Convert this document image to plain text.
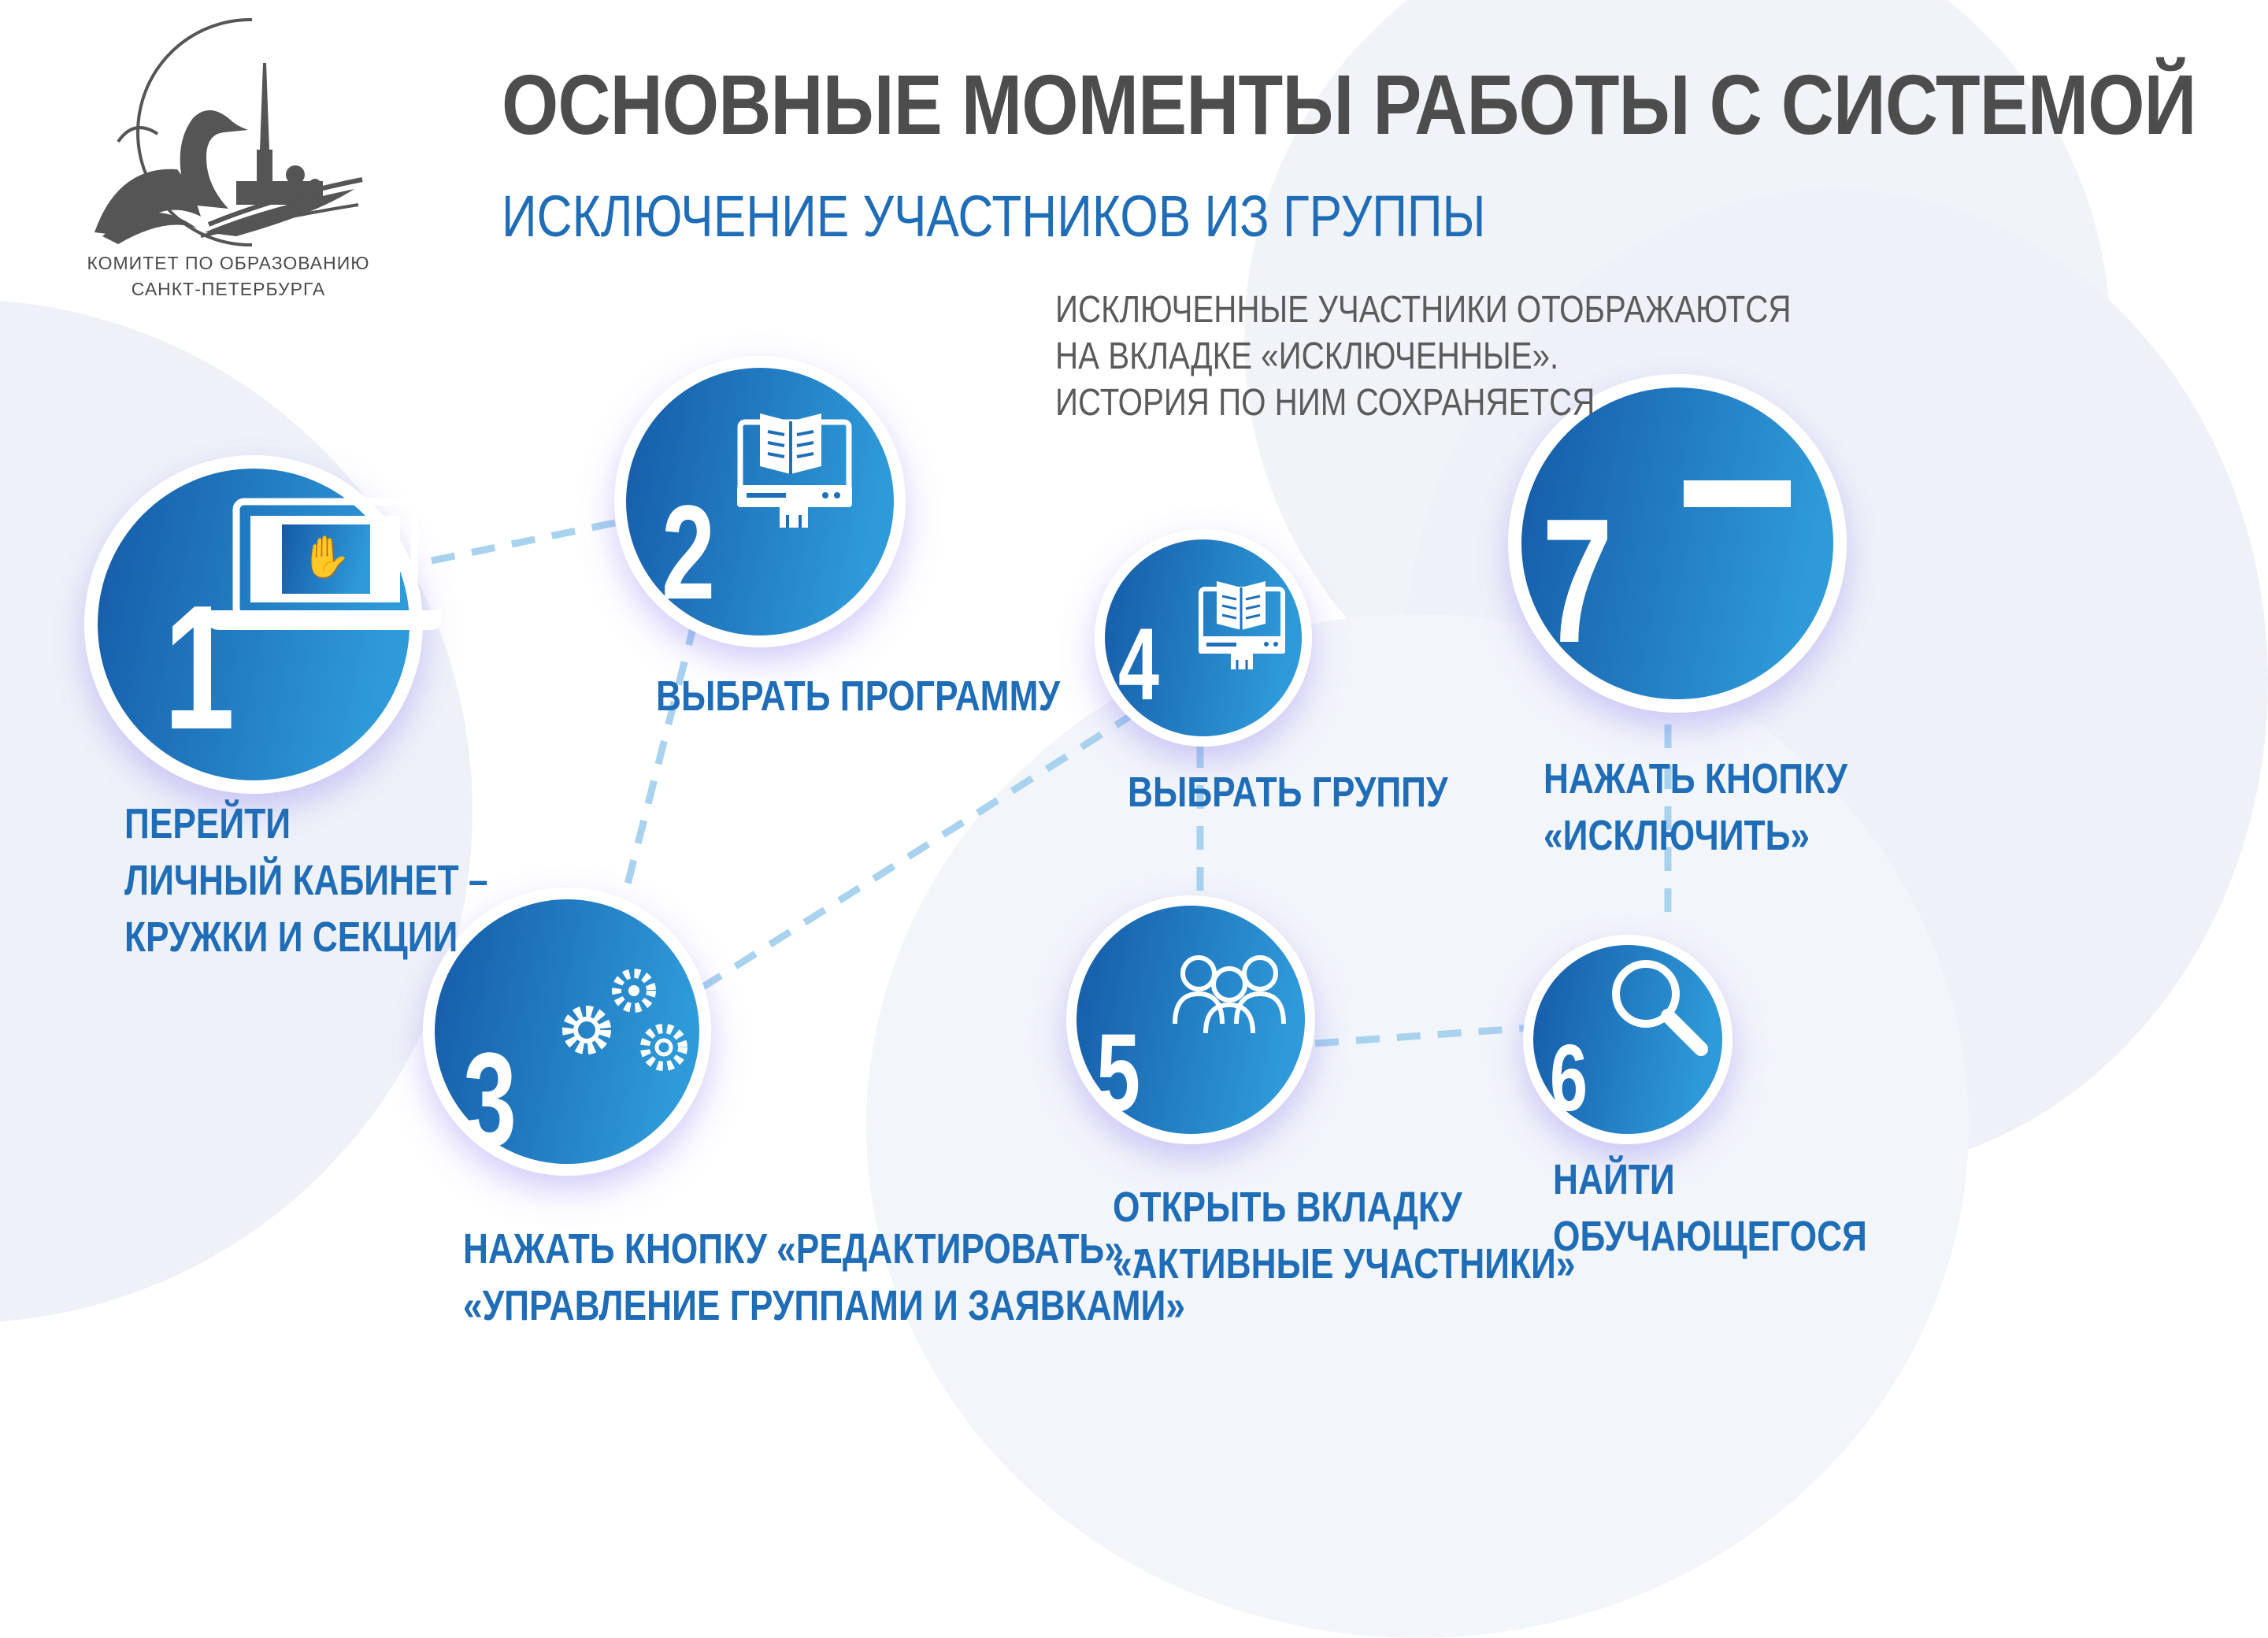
✋
1
2
3
4
5	6
7
КОМИТЕТ ПО ОБРАЗОВАНИЮ
САНКТ-ПЕТЕРБУРГА
ОСНОВНЫЕ МОМЕНТЫ РАБОТЫ С СИСТЕМОЙ
ИСКЛЮЧЕНИЕ УЧАСТНИКОВ ИЗ ГРУППЫ
ИСКЛЮЧЕННЫЕ УЧАСТНИКИ ОТОБРАЖАЮТСЯ
НА ВКЛАДКЕ «ИСКЛЮЧЕННЫЕ».
ИСТОРИЯ ПО НИМ СОХРАНЯЕТСЯ
ПЕРЕЙТИ
ЛИЧНЫЙ КАБИНЕТ –
КРУЖКИ И СЕКЦИИ
ВЫБРАТЬ ПРОГРАММУ
НАЖАТЬ КНОПКУ «РЕДАКТИРОВАТЬ» -
«УПРАВЛЕНИЕ ГРУППАМИ И ЗАЯВКАМИ»
ВЫБРАТЬ ГРУППУ
ОТКРЫТЬ ВКЛАДКУ
«АКТИВНЫЕ УЧАСТНИКИ»
НАЙТИ
ОБУЧАЮЩЕГОСЯ
НАЖАТЬ КНОПКУ
«ИСКЛЮЧИТЬ»
